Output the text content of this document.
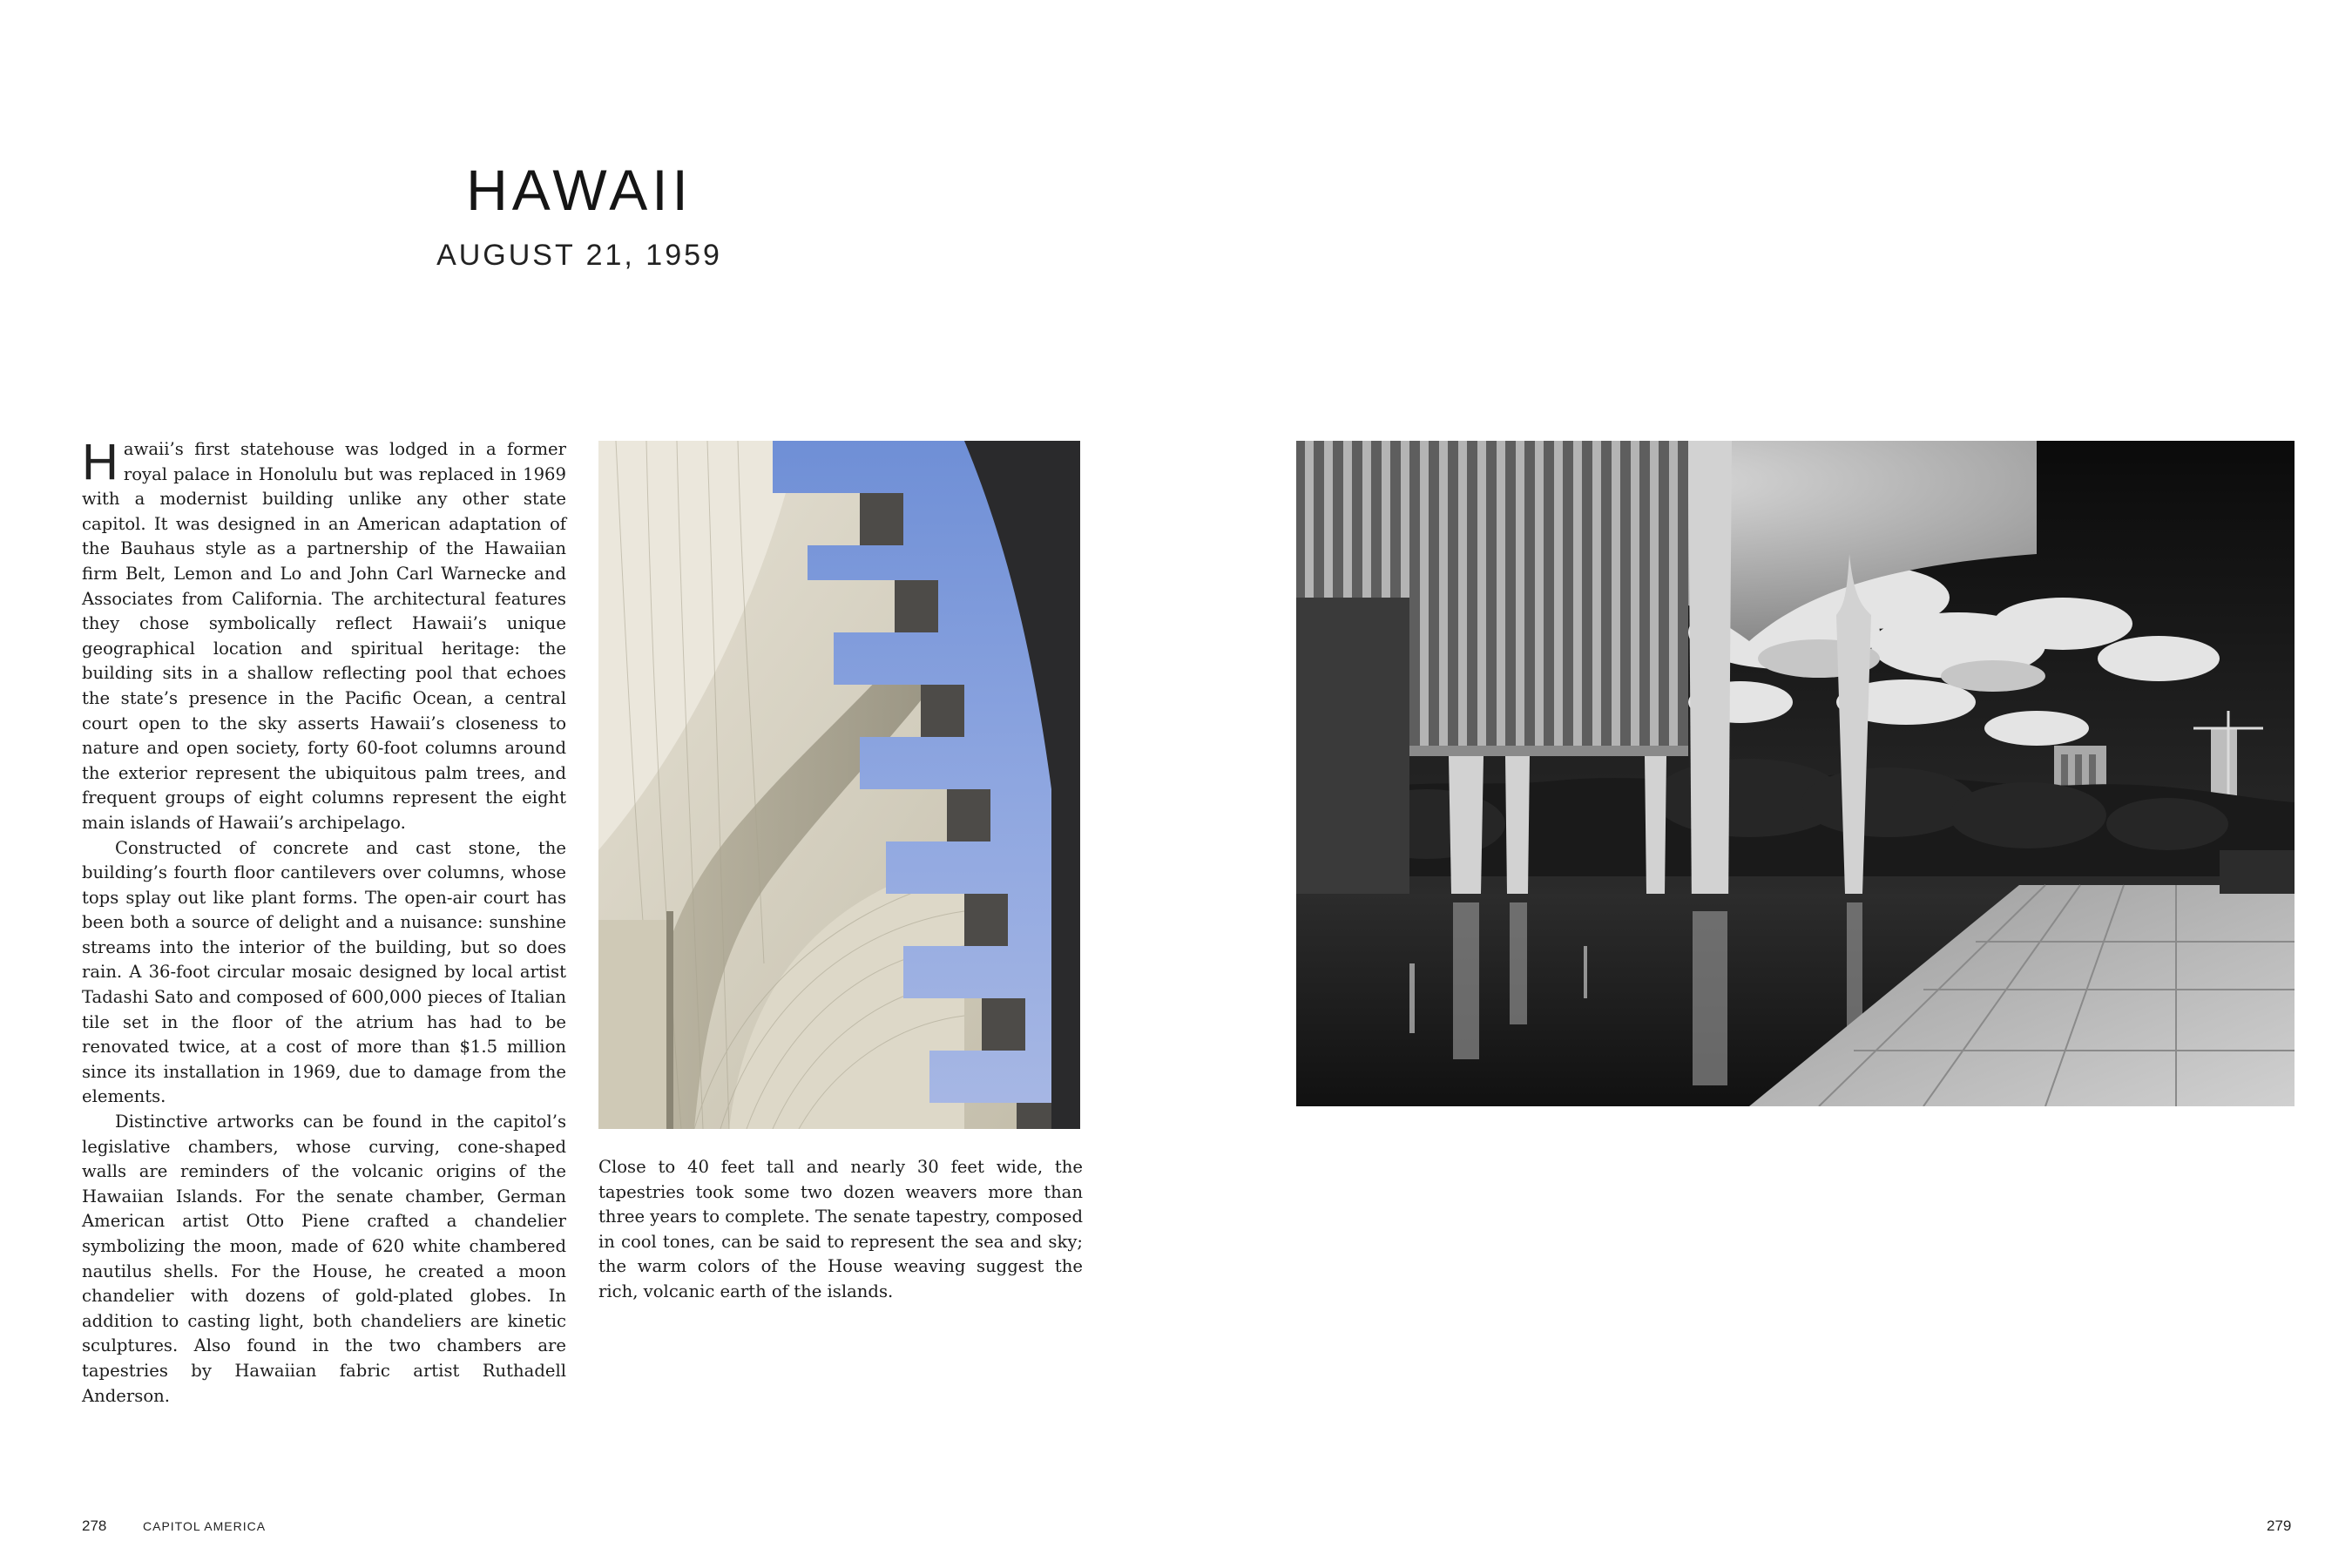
HAWAII
AUGUST 21, 1959

Hawaii’s first statehouse was lodged in a former royal palace in Honolulu but was replaced in 1969 with a modernist building unlike any other state capitol. It was designed in an American adaptation of the Bauhaus style as a partnership of the Hawaiian firm Belt, Lemon and Lo and John Carl Warnecke and Associates from California. The architectural features they chose symbolically reflect Hawaii’s unique geographical location and spiritual heritage: the building sits in a shallow reflecting pool that echoes the state’s presence in the Pacific Ocean, a central court open to the sky asserts Hawaii’s closeness to nature and open society, forty 60-foot columns around the exterior represent the ubiquitous palm trees, and frequent groups of eight columns represent the eight main islands of Hawaii’s archipelago.

Constructed of concrete and cast stone, the building’s fourth floor cantilevers over columns, whose tops splay out like plant forms. The open-air court has been both a source of delight and a nuisance: sunshine streams into the interior of the building, but so does rain. A 36-foot circular mosaic designed by local artist Tadashi Sato and composed of 600,000 pieces of Italian tile set in the floor of the atrium has had to be renovated twice, at a cost of more than $1.5 million since its installation in 1969, due to damage from the elements.

Distinctive artworks can be found in the capitol’s legislative chambers, whose curving, cone-shaped walls are reminders of the volcanic origins of the Hawaiian Islands. For the senate chamber, German American artist Otto Piene crafted a chandelier symbolizing the moon, made of 620 white chambered nautilus shells. For the House, he created a moon chandelier with dozens of gold-plated globes. In addition to casting light, both chandeliers are kinetic sculptures. Also found in the two chambers are tapestries by Hawaiian fabric artist Ruthadell Anderson.

Close to 40 feet tall and nearly 30 feet wide, the tapestries took some two dozen weavers more than three years to complete. The senate tapestry, composed in cool tones, can be said to represent the sea and sky; the warm colors of the House weaving suggest the rich, volcanic earth of the islands.

278	CAPITOL AMERICA	279
